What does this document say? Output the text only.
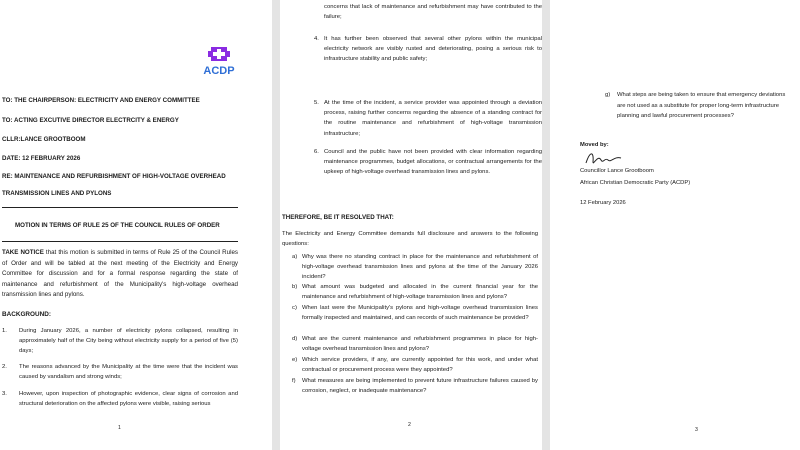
ACDP

TO: THE CHAIRPERSON: ELECTRICITY AND ENERGY COMMITTEE

TO: ACTING EXCUTIVE DIRECTOR ELECTRCITY & ENERGY

CLLR:LANCE GROOTBOOM

DATE: 12 FEBRUARY 2026

RE: MAINTENANCE AND REFURBISHMENT OF HIGH-VOLTAGE OVERHEAD

TRANSMISSION LINES AND PYLONS

MOTION IN TERMS OF RULE 25 OF THE COUNCIL RULES OF ORDER

TAKE NOTICE that this motion is submitted in terms of Rule 25 of the Council Rules of Order and will be tabled at the next meeting of the Electricity and Energy Committee for discussion and for a formal response regarding the state of maintenance and refurbishment of the Municipality's high-voltage overhead transmission lines and pylons.

BACKGROUND:

1. During January 2026, a number of electricity pylons collapsed, resulting in approximately half of the City being without electricity supply for a period of five (5) days;
2. The reasons advanced by the Municipality at the time were that the incident was caused by vandalism and strong winds;
3. However, upon inspection of photographic evidence, clear signs of corrosion and structural deterioration on the affected pylons were visible, raising serious
1
concerns that lack of maintenance and refurbishment may have contributed to the failure;
4. It has further been observed that several other pylons within the municipal electricity network are visibly rusted and deteriorating, posing a serious risk to infrastructure stability and public safety;
5. At the time of the incident, a service provider was appointed through a deviation process, raising further concerns regarding the absence of a standing contract for the routine maintenance and refurbishment of high-voltage transmission infrastructure;
6. Council and the public have not been provided with clear information regarding maintenance programmes, budget allocations, or contractual arrangements for the upkeep of high-voltage overhead transmission lines and pylons.

THEREFORE, BE IT RESOLVED THAT:

The Electricity and Energy Committee demands full disclosure and answers to the following questions:

a) Why was there no standing contract in place for the maintenance and refurbishment of high-voltage overhead transmission lines and pylons at the time of the January 2026 incident?
b) What amount was budgeted and allocated in the current financial year for the maintenance and refurbishment of high-voltage transmission lines and pylons?
c) When last were the Municipality's pylons and high-voltage overhead transmission lines formally inspected and maintained, and can records of such maintenance be provided?
d) What are the current maintenance and refurbishment programmes in place for high-voltage overhead transmission lines and pylons?
e) Which service providers, if any, are currently appointed for this work, and under what contractual or procurement process were they appointed?
f) What measures are being implemented to prevent future infrastructure failures caused by corrosion, neglect, or inadequate maintenance?
2
g) What steps are being taken to ensure that emergency deviations are not used as a substitute for proper long-term infrastructure planning and lawful procurement processes?

Moved by:

Councillor Lance Grootboom

African Christian Democratic Party (ACDP)

12 February 2026

3
